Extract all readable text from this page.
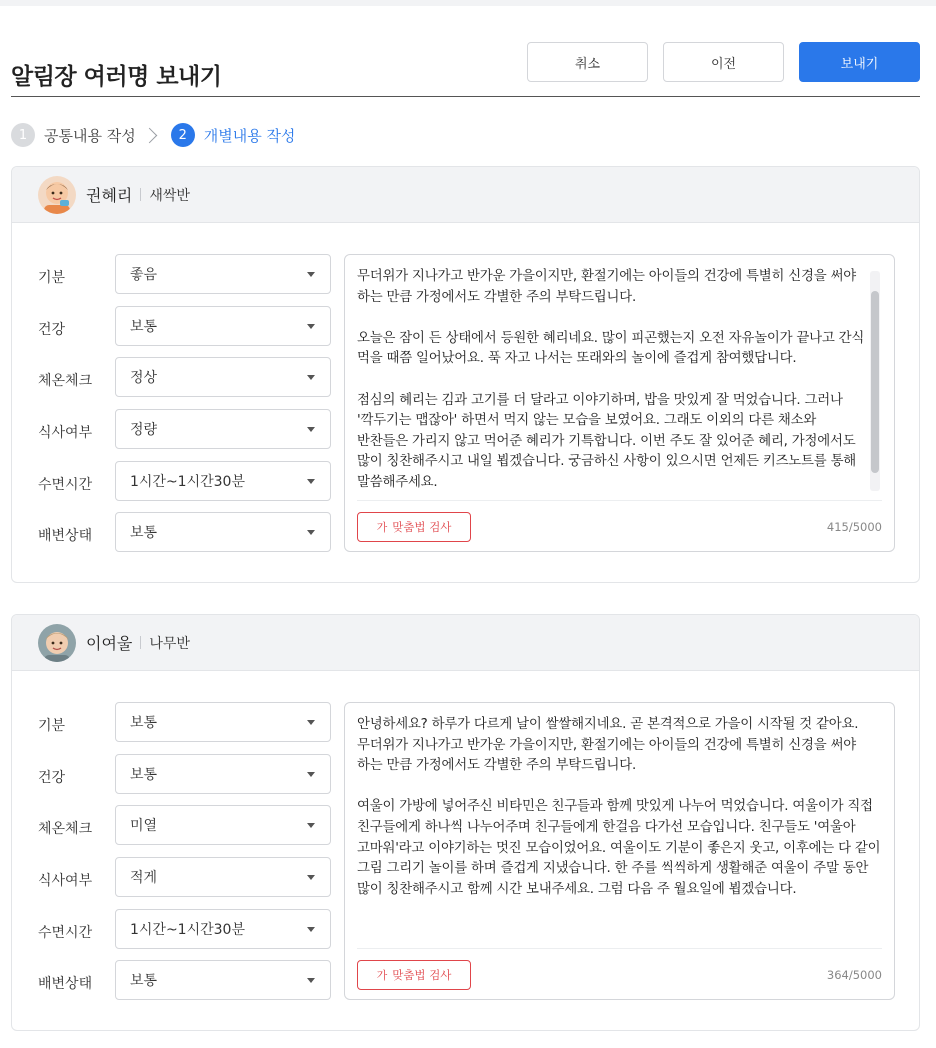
알림장 여러명 보내기	취소	이전	보내기
1	공통내용 작성	2	개별내용 작성
권혜리 새싹반
기분	좋음
건강	보통
체온체크	정상
식사여부	정량
수면시간	1시간~1시간30분
배변상태	보통
무더위가 지나가고 반가운 가을이지만, 환절기에는 아이들의 건강에 특별히 신경을 써야 하는 만큼 가정에서도 각별한 주의 부탁드립니다.

오늘은 잠이 든 상태에서 등원한 혜리네요. 많이 피곤했는지 오전 자유놀이가 끝나고 간식 먹을 때쯤 일어났어요. 푹 자고 나서는 또래와의 놀이에 즐겁게 참여했답니다.

점심의 혜리는 김과 고기를 더 달라고 이야기하며, 밥을 맛있게 잘 먹었습니다. 그러나 '깍두기는 맵잖아' 하면서 먹지 않는 모습을 보였어요. 그래도 이외의 다른 채소와 반찬들은 가리지 않고 먹어준 혜리가 기특합니다. 이번 주도 잘 있어준 혜리, 가정에서도 많이 칭찬해주시고 내일 뵙겠습니다. 궁금하신 사항이 있으시면 언제든 키즈노트를 통해 말씀해주세요.
가 맞춤법 검사	415/5000
이여울 나무반
기분	보통
건강	보통
체온체크	미열
식사여부	적게
수면시간	1시간~1시간30분
배변상태	보통
안녕하세요? 하루가 다르게 날이 쌀쌀해지네요. 곧 본격적으로 가을이 시작될 것 같아요. 무더위가 지나가고 반가운 가을이지만, 환절기에는 아이들의 건강에 특별히 신경을 써야 하는 만큼 가정에서도 각별한 주의 부탁드립니다.

여울이 가방에 넣어주신 비타민은 친구들과 함께 맛있게 나누어 먹었습니다. 여울이가 직접 친구들에게 하나씩 나누어주며 친구들에게 한걸음 다가선 모습입니다. 친구들도 '여울아 고마워'라고 이야기하는 멋진 모습이었어요. 여울이도 기분이 좋은지 웃고, 이후에는 다 같이 그림 그리기 놀이를 하며 즐겁게 지냈습니다. 한 주를 씩씩하게 생활해준 여울이 주말 동안 많이 칭찬해주시고 함께 시간 보내주세요. 그럼 다음 주 월요일에 뵙겠습니다.
가 맞춤법 검사	364/5000
